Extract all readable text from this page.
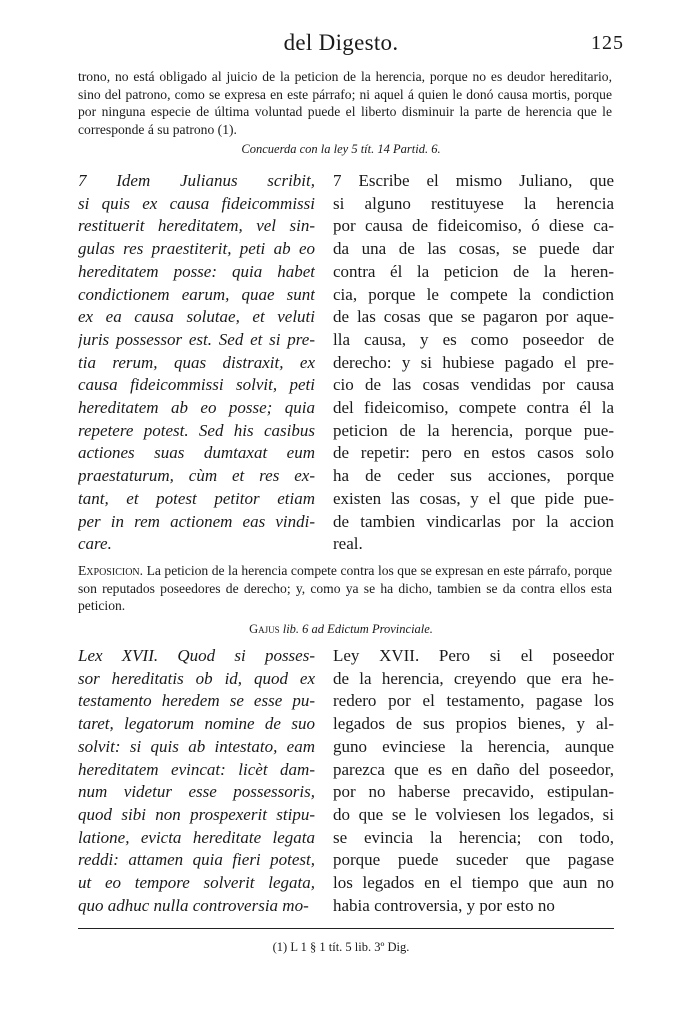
del Digesto.	125

trono, no está obligado al juicio de la peticion de la herencia, porque no es deudor hereditario, sino del patrono, como se expresa en este párrafo; ni aquel á quien le donó causa mortis, porque por ninguna especie de última voluntad puede el liberto disminuir la parte de herencia que le corresponde á su patrono (1).

Concuerda con la ley 5 tít. 14 Partid. 6.

7 Idem Julianus scribit,
si quis ex causa fideicommissi
restituerit hereditatem, vel sin-
gulas res praestiterit, peti ab eo
hereditatem posse: quia habet
condictionem earum, quae sunt
ex ea causa solutae, et veluti
juris possessor est. Sed et si pre-
tia rerum, quas distraxit, ex
causa fideicommissi solvit, peti
hereditatem ab eo posse; quia
repetere potest. Sed his casibus
actiones suas dumtaxat eum
praestaturum, cùm et res ex-
tant, et potest petitor etiam
per in rem actionem eas vindi-
care.
7 Escribe el mismo Juliano, que
si alguno restituyese la herencia
por causa de fideicomiso, ó diese ca-
da una de las cosas, se puede dar
contra él la peticion de la heren-
cia, porque le compete la condiction
de las cosas que se pagaron por aque-
lla causa, y es como poseedor de
derecho: y si hubiese pagado el pre-
cio de las cosas vendidas por causa
del fideicomiso, compete contra él la
peticion de la herencia, porque pue-
de repetir: pero en estos casos solo
ha de ceder sus acciones, porque
existen las cosas, y el que pide pue-
de tambien vindicarlas por la accion
real.

Exposicion. La peticion de la herencia compete contra los que se expresan en este párrafo, porque son reputados poseedores de derecho; y, como ya se ha dicho, tambien se da contra ellos esta peticion.

Gajus lib. 6 ad Edictum Provinciale.

Lex XVII. Quod si posses-
sor hereditatis ob id, quod ex
testamento heredem se esse pu-
taret, legatorum nomine de suo
solvit: si quis ab intestato, eam
hereditatem evincat: licèt dam-
num videtur esse possessoris,
quod sibi non prospexerit stipu-
latione, evicta hereditate legata
reddi: attamen quia fieri potest,
ut eo tempore solverit legata,
quo adhuc nulla controversia mo-
Ley XVII. Pero si el poseedor
de la herencia, creyendo que era he-
redero por el testamento, pagase los
legados de sus propios bienes, y al-
guno evinciese la herencia, aunque
parezca que es en daño del poseedor,
por no haberse precavido, estipulan-
do que se le volviesen los legados, si
se evincia la herencia; con todo,
porque puede suceder que pagase
los legados en el tiempo que aun no
habia controversia, y por esto no
(1) L 1 § 1 tít. 5 lib. 3º Dig.
